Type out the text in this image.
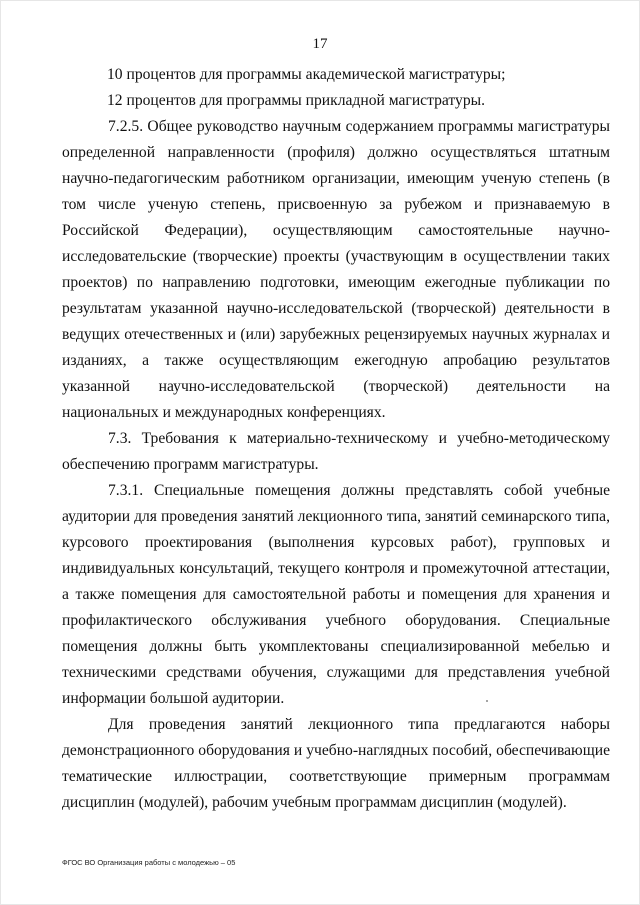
17

10 процентов для программы академической магистратуры;

12 процентов для программы прикладной магистратуры.

7.2.5. Общее руководство научным содержанием программы магистратуры определенной направленности (профиля) должно осуществляться штатным научно-педагогическим работником организации, имеющим ученую степень (в том числе ученую степень, присвоенную за рубежом и признаваемую в Российской Федерации), осуществляющим самостоятельные научно-исследовательские (творческие) проекты (участвующим в осуществлении таких проектов) по направлению подготовки, имеющим ежегодные публикации по результатам указанной научно-исследовательской (творческой) деятельности в ведущих отечественных и (или) зарубежных рецензируемых научных журналах и изданиях, а также осуществляющим ежегодную апробацию результатов указанной научно-исследовательской (творческой) деятельности на национальных и международных конференциях.

7.3. Требования к материально-техническому и учебно-методическому обеспечению программ магистратуры.

7.3.1. Специальные помещения должны представлять собой учебные аудитории для проведения занятий лекционного типа, занятий семинарского типа, курсового проектирования (выполнения курсовых работ), групповых и индивидуальных консультаций, текущего контроля и промежуточной аттестации, а также помещения для самостоятельной работы и помещения для хранения и профилактического обслуживания учебного оборудования. Специальные помещения должны быть укомплектованы специализированной мебелью и техническими средствами обучения, служащими для представления учебной информации большой аудитории.

Для проведения занятий лекционного типа предлагаются наборы демонстрационного оборудования и учебно-наглядных пособий, обеспечивающие тематические иллюстрации, соответствующие примерным программам дисциплин (модулей), рабочим учебным программам дисциплин (модулей).

ФГОС ВО Организация работы с молодежью – 05
